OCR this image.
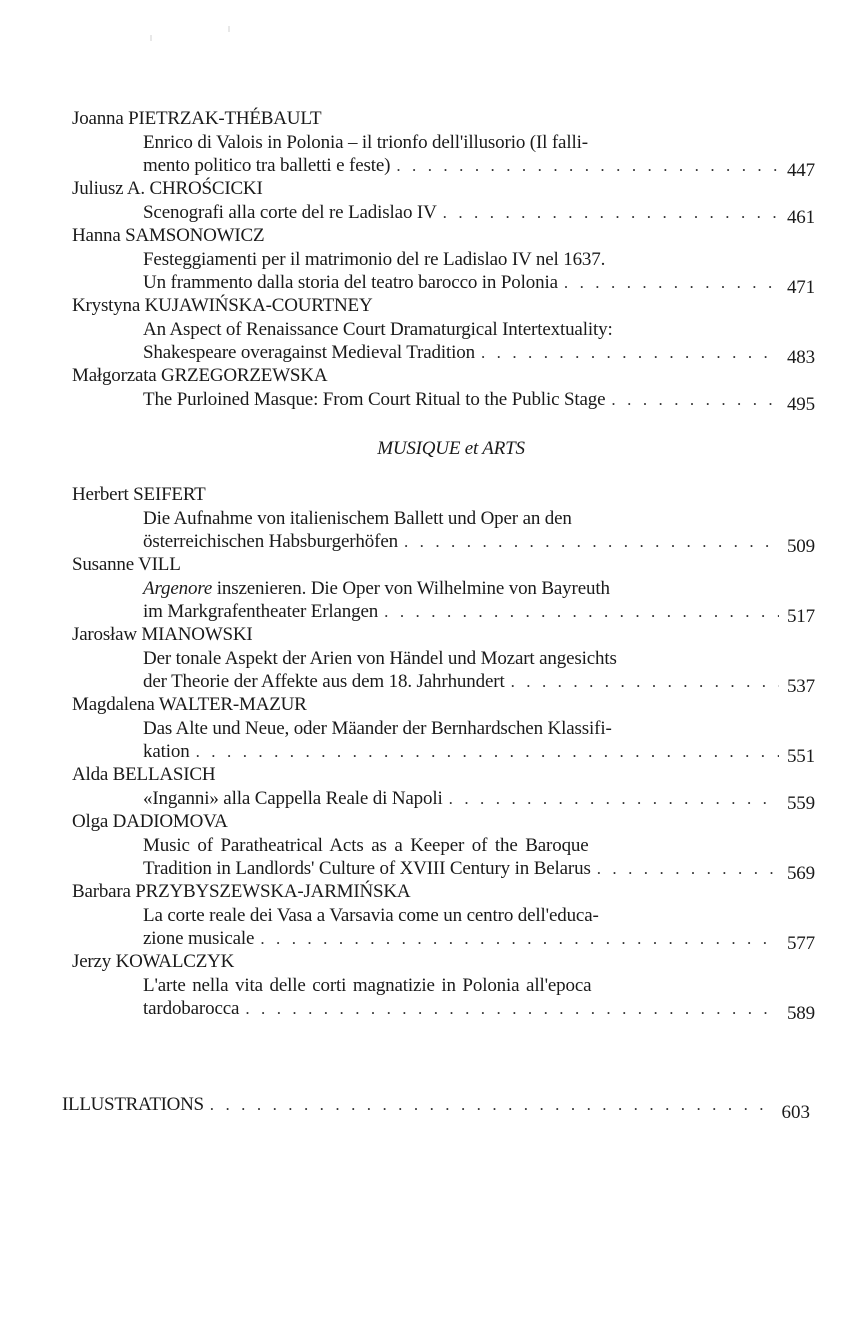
Joanna PIETRZAK-THÉBAULT
Enrico di Valois in Polonia – il trionfo dell'illusorio (Il falli-
mento politico tra balletti e feste) . . .	447
Juliusz A. CHROŚCICKI
Scenografi alla corte del re Ladislao IV . . .	461
Hanna SAMSONOWICZ
Festeggiamenti per il matrimonio del re Ladislao IV nel 1637.
Un frammento dalla storia del teatro barocco in Polonia . . .	471
Krystyna KUJAWIŃSKA-COURTNEY
An Aspect of Renaissance Court Dramaturgical Intertextuality:
Shakespeare overagainst Medieval Tradition . . .	483
Małgorzata GRZEGORZEWSKA
The Purloined Masque: From Court Ritual to the Public Stage . . .	495
MUSIQUE et ARTS
Herbert SEIFERT
Die Aufnahme von italienischem Ballett und Oper an den
österreichischen Habsburgerhöfen . . .	509
Susanne VILL
Argenore inszenieren. Die Oper von Wilhelmine von Bayreuth
im Markgrafentheater Erlangen . . .	517
Jarosław MIANOWSKI
Der tonale Aspekt der Arien von Händel und Mozart angesichts
der Theorie der Affekte aus dem 18. Jahrhundert . . .	537
Magdalena WALTER-MAZUR
Das Alte und Neue, oder Mäander der Bernhardschen Klassifi-
kation . . .	551
Alda BELLASICH
«Inganni» alla Cappella Reale di Napoli . . .	559
Olga DADIOMOVA
Music of Paratheatrical Acts as a Keeper of the Baroque
Tradition in Landlords' Culture of XVIII Century in Belarus . . .	569
Barbara PRZYBYSZEWSKA-JARMIŃSKA
La corte reale dei Vasa a Varsavia come un centro dell'educa-
zione musicale . . .	577
Jerzy KOWALCZYK
L'arte nella vita delle corti magnatizie in Polonia all'epoca
tardobarocca . . .	589
ILLUSTRATIONS . . .	603
